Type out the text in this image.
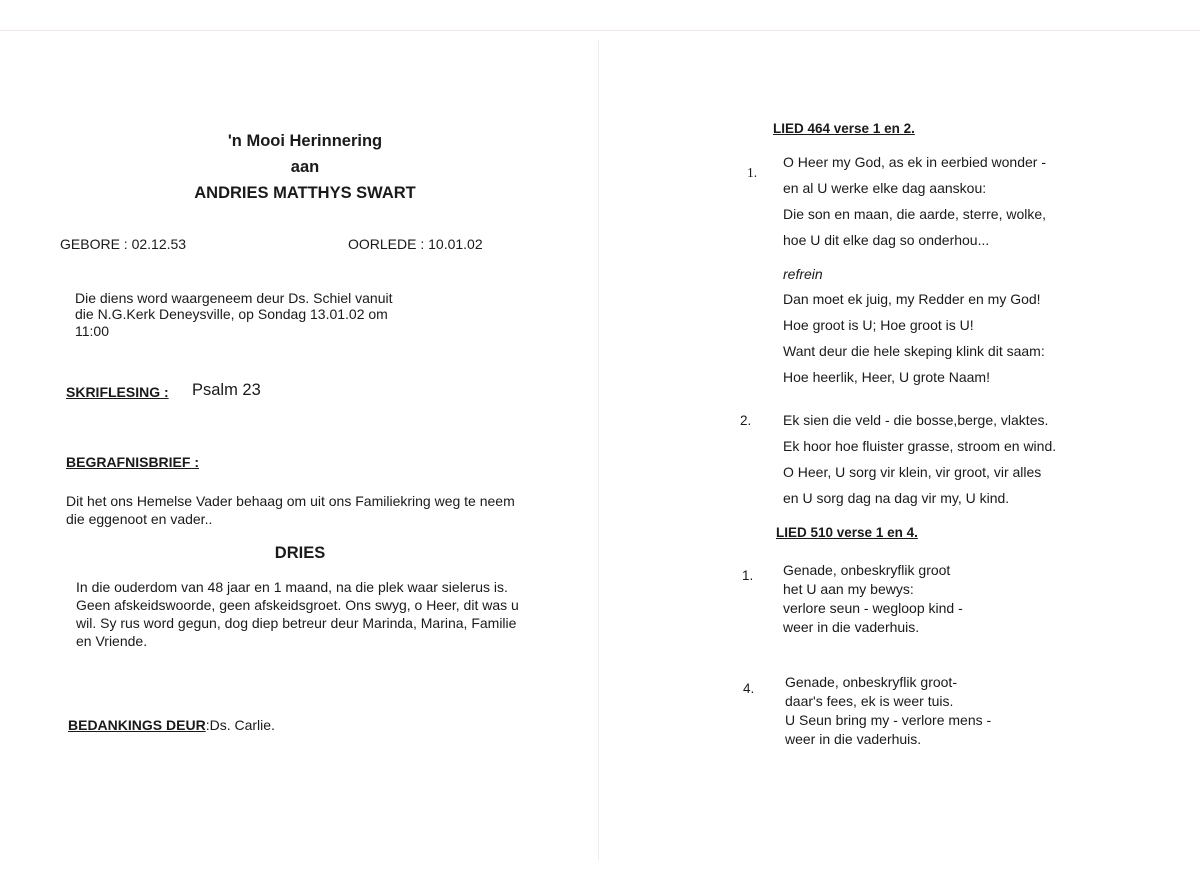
'n Mooi Herinnering
aan
ANDRIES MATTHYS SWART
GEBORE : 02.12.53	OORLEDE : 10.01.02
Die diens word waargeneem deur Ds. Schiel vanuit
die N.G.Kerk Deneysville, op Sondag 13.01.02 om
11:00
SKRIFLESING : Psalm 23
BEGRAFNISBRIEF :
Dit het ons Hemelse Vader behaag om uit ons Familiekring weg te neem
die eggenoot en vader..
DRIES
In die ouderdom van 48 jaar en 1 maand, na die plek waar sielerus is.
Geen afskeidswoorde, geen afskeidsgroet. Ons swyg, o Heer, dit was u
wil. Sy rus word gegun, dog diep betreur deur Marinda, Marina, Familie
en Vriende.
BEDANKINGS DEUR:Ds. Carlie.
LIED 464 verse 1 en 2.
1.
O Heer my God, as ek in eerbied wonder -
en al U werke elke dag aanskou:
Die son en maan, die aarde, sterre, wolke,
hoe U dit elke dag so onderhou...
refrein
Dan moet ek juig, my Redder en my God!
Hoe groot is U; Hoe groot is U!
Want deur die hele skeping klink dit saam:
Hoe heerlik, Heer, U grote Naam!
2. Ek sien die veld - die bosse,berge, vlaktes.
Ek hoor hoe fluister grasse, stroom en wind.
O Heer, U sorg vir klein, vir groot, vir alles
en U sorg dag na dag vir my, U kind.
LIED 510 verse 1 en 4.
1. Genade, onbeskryflik groot
het U aan my bewys:
verlore seun - wegloop kind -
weer in die vaderhuis.
4. Genade, onbeskryflik groot-
daar's fees, ek is weer tuis.
U Seun bring my - verlore mens -
weer in die vaderhuis.
